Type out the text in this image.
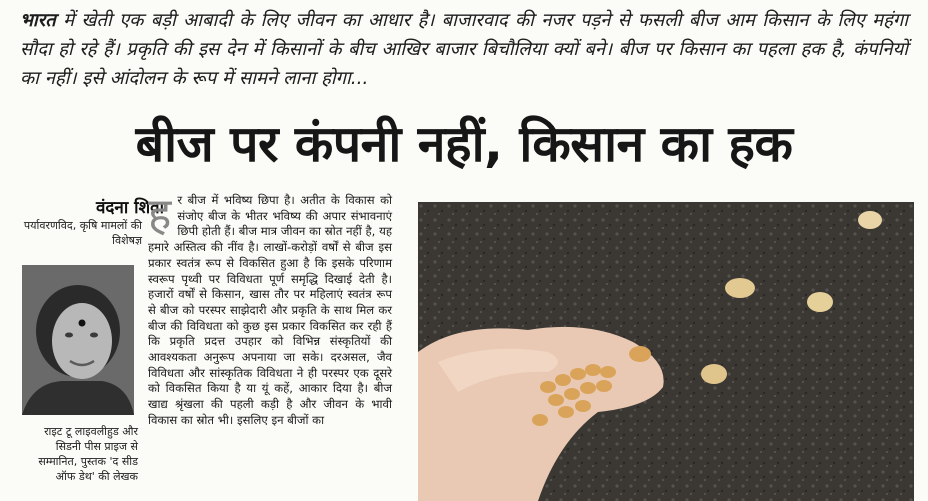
भारत में खेती एक बड़ी आबादी के लिए जीवन का आधार है। बाजारवाद की नजर पड़ने से फसली बीज आम किसान के लिए महंगा सौदा हो रहे हैं। प्रकृति की इस देन में किसानों के बीच आखिर बाजार बिचौलिया क्यों बने। बीज पर किसान का पहला हक है, कंपनियों का नहीं। इसे आंदोलन के रूप में सामने लाना होगा...
बीज पर कंपनी नहीं, किसान का हक
वंदना शिवा
पर्यावरणविद, कृषि मामलों की विशेषज्ञ
राइट टू लाइवलीहुड और सिडनी पीस प्राइज से सम्मानित, पुस्तक 'द सीड ऑफ डेथ' की लेखक
हर बीज में भविष्य छिपा है। अतीत के विकास को संजोए बीज के भीतर भविष्य की अपार संभावनाएं छिपी होती हैं। बीज मात्र जीवन का स्रोत नहीं है, यह हमारे अस्तित्व की नींव है। लाखों-करोड़ों वर्षों से बीज इस प्रकार स्वतंत्र रूप से विकसित हुआ है कि इसके परिणाम स्वरूप पृथ्वी पर विविधता पूर्ण समृद्धि दिखाई देती है। हजारों वर्षों से किसान, खास तौर पर महिलाएं स्वतंत्र रूप से बीज को परस्पर साझेदारी और प्रकृति के साथ मिल कर बीज की विविधता को कुछ इस प्रकार विकसित कर रही हैं कि प्रकृति प्रदत्त उपहार को विभिन्न संस्कृतियों की आवश्यकता अनुरूप अपनाया जा सके। दरअसल, जैव विविधता और सांस्कृतिक विविधता ने ही परस्पर एक दूसरे को विकसित किया है या यूं कहें, आकार दिया है। बीज खाद्य श्रृंखला की पहली कड़ी है और जीवन के भावी विकास का स्रोत भी। इसलिए इन बीजों का
